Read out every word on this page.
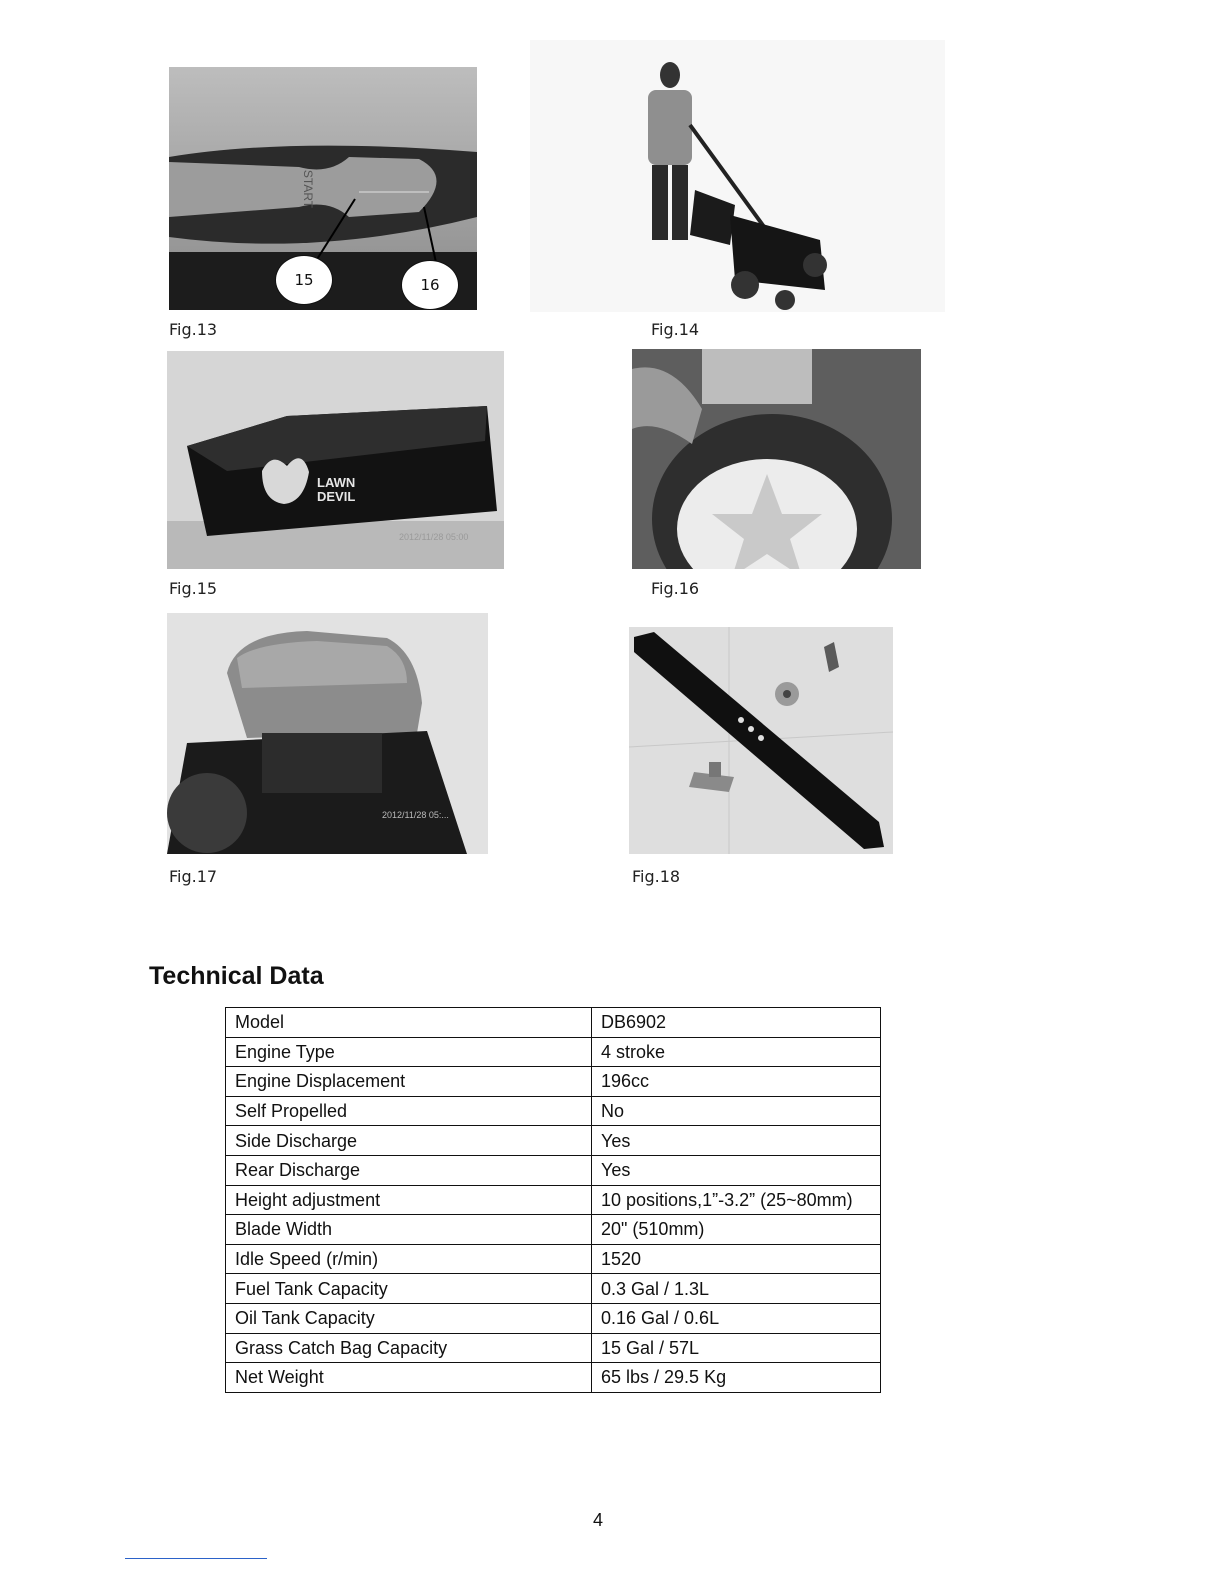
START
15	16
Fig.13	Fig.14
LAWN DEVIL
2012/11/28 05:00
Fig.15	Fig.16
2012/11/28 05:...
Fig.17	Fig.18
Technical Data
Model	DB6902
Engine Type	4 stroke
Engine Displacement	196cc
Self Propelled	No
Side Discharge	Yes
Rear Discharge	Yes
Height adjustment	10 positions,1”-3.2” (25~80mm)
Blade Width	20" (510mm)
Idle Speed (r/min)	1520
Fuel Tank Capacity	0.3 Gal / 1.3L
Oil Tank Capacity	0.16 Gal / 0.6L
Grass Catch Bag Capacity	15 Gal / 57L
Net Weight	65 lbs / 29.5 Kg
4
